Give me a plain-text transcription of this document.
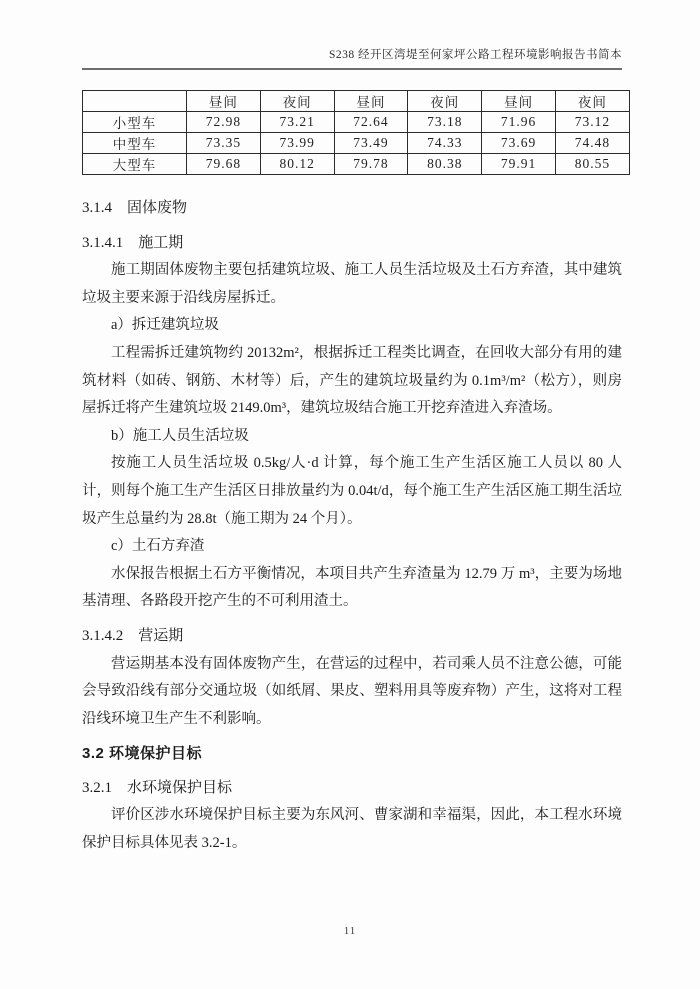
S238 经开区湾堤至何家坪公路工程环境影响报告书简本
	昼间	夜间	昼间	夜间	昼间	夜间
小型车	72.98	73.21	72.64	73.18	71.96	73.12
中型车	73.35	73.99	73.49	74.33	73.69	74.48
大型车	79.68	80.12	79.78	80.38	79.91	80.55
3.1.4　固体废物
3.1.4.1　施工期

施工期固体废物主要包括建筑垃圾、施工人员生活垃圾及土石方弃渣，其中建筑垃圾主要来源于沿线房屋拆迁。

a）拆迁建筑垃圾

工程需拆迁建筑物约 20132m²，根据拆迁工程类比调查，在回收大部分有用的建筑材料（如砖、钢筋、木材等）后，产生的建筑垃圾量约为 0.1m³/m²（松方），则房屋拆迁将产生建筑垃圾 2149.0m³，建筑垃圾结合施工开挖弃渣进入弃渣场。

b）施工人员生活垃圾

按施工人员生活垃圾 0.5kg/人·d 计算，每个施工生产生活区施工人员以 80 人计，则每个施工生产生活区日排放量约为 0.04t/d，每个施工生产生活区施工期生活垃圾产生总量约为 28.8t（施工期为 24 个月）。

c）土石方弃渣

水保报告根据土石方平衡情况，本项目共产生弃渣量为 12.79 万 m³，主要为场地基清理、各路段开挖产生的不可利用渣土。

3.1.4.2　营运期

营运期基本没有固体废物产生，在营运的过程中，若司乘人员不注意公德，可能会导致沿线有部分交通垃圾（如纸屑、果皮、塑料用具等废弃物）产生，这将对工程沿线环境卫生产生不利影响。

3.2 环境保护目标
3.2.1　水环境保护目标

评价区涉水环境保护目标主要为东风河、曹家湖和幸福渠，因此，本工程水环境保护目标具体见表 3.2-1。

11
